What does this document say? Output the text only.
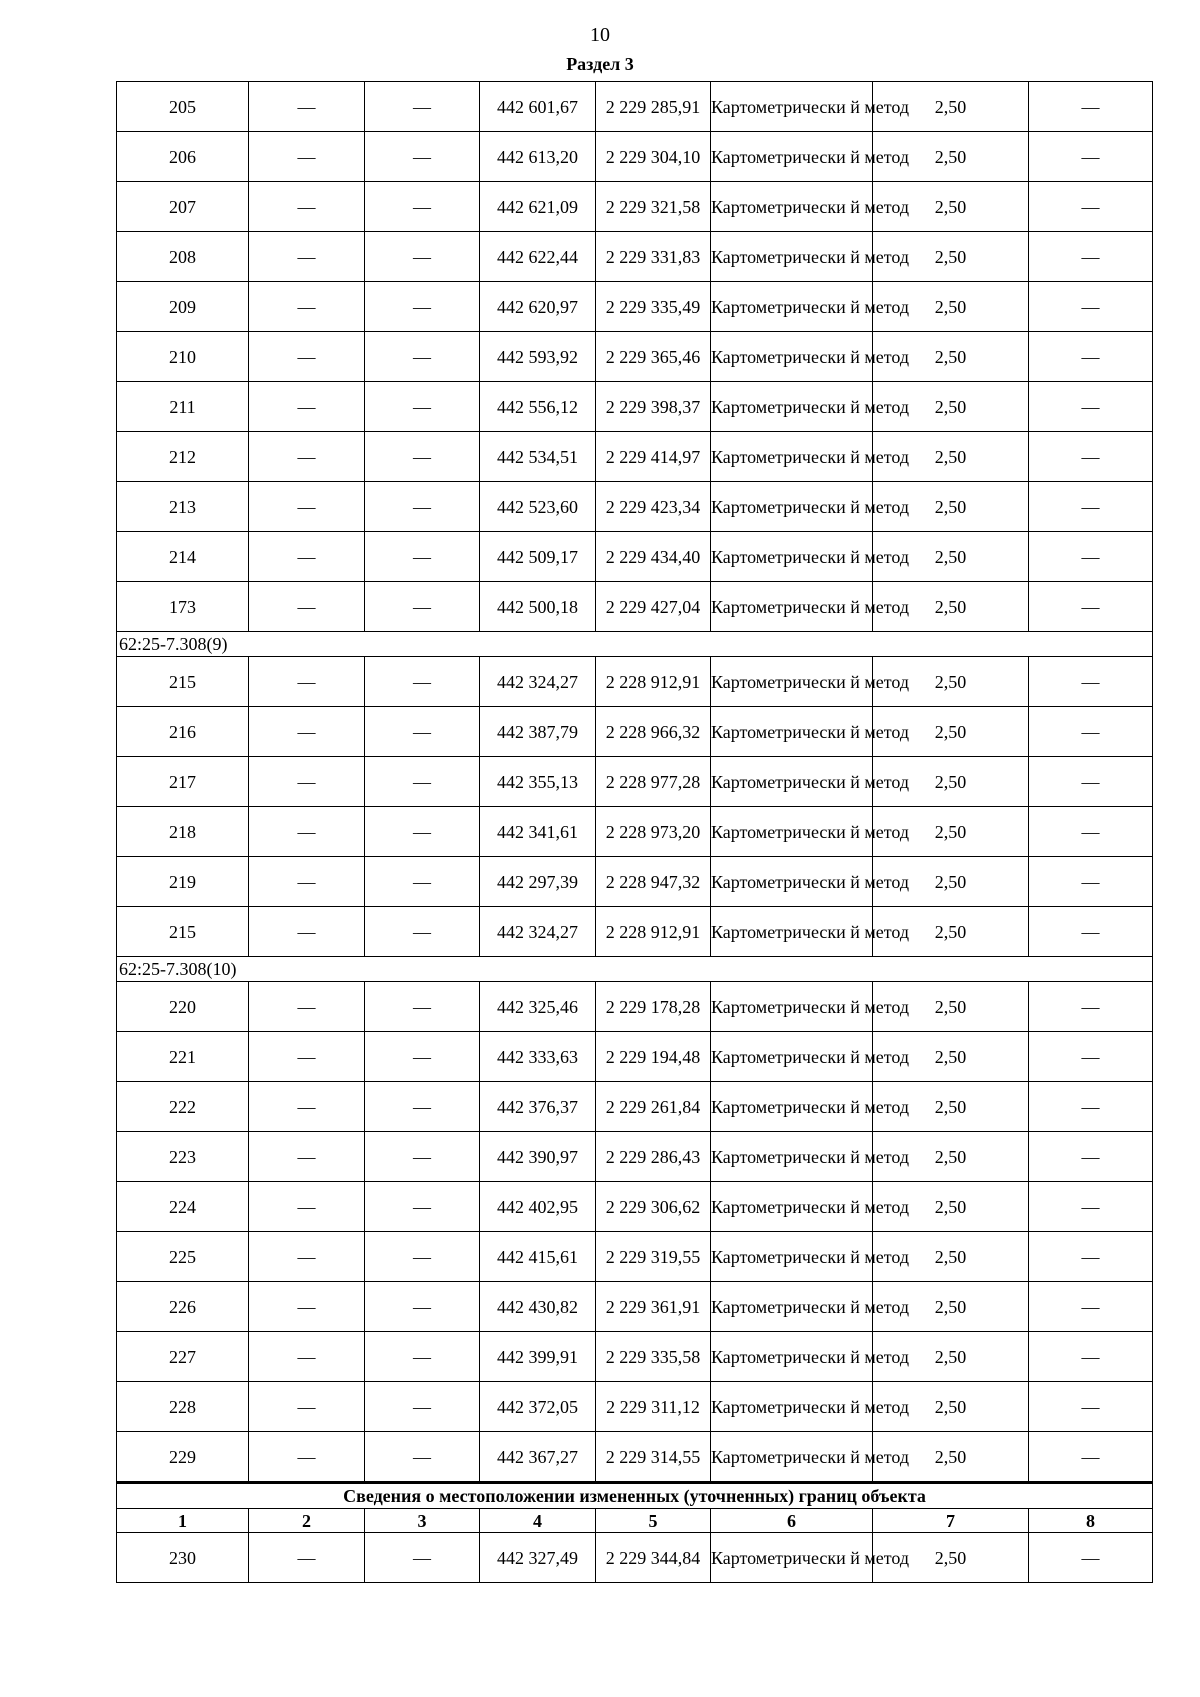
10
Раздел 3
205	—	—	442 601,67	2 229 285,91	Картометрически й метод	2,50	—
206	—	—	442 613,20	2 229 304,10	Картометрически й метод	2,50	—
207	—	—	442 621,09	2 229 321,58	Картометрически й метод	2,50	—
208	—	—	442 622,44	2 229 331,83	Картометрически й метод	2,50	—
209	—	—	442 620,97	2 229 335,49	Картометрически й метод	2,50	—
210	—	—	442 593,92	2 229 365,46	Картометрически й метод	2,50	—
211	—	—	442 556,12	2 229 398,37	Картометрически й метод	2,50	—
212	—	—	442 534,51	2 229 414,97	Картометрически й метод	2,50	—
213	—	—	442 523,60	2 229 423,34	Картометрически й метод	2,50	—
214	—	—	442 509,17	2 229 434,40	Картометрически й метод	2,50	—
173	—	—	442 500,18	2 229 427,04	Картометрически й метод	2,50	—
62:25-7.308(9)							
215	—	—	442 324,27	2 228 912,91	Картометрически й метод	2,50	—
216	—	—	442 387,79	2 228 966,32	Картометрически й метод	2,50	—
217	—	—	442 355,13	2 228 977,28	Картометрически й метод	2,50	—
218	—	—	442 341,61	2 228 973,20	Картометрически й метод	2,50	—
219	—	—	442 297,39	2 228 947,32	Картометрически й метод	2,50	—
215	—	—	442 324,27	2 228 912,91	Картометрически й метод	2,50	—
62:25-7.308(10)							
220	—	—	442 325,46	2 229 178,28	Картометрически й метод	2,50	—
221	—	—	442 333,63	2 229 194,48	Картометрически й метод	2,50	—
222	—	—	442 376,37	2 229 261,84	Картометрически й метод	2,50	—
223	—	—	442 390,97	2 229 286,43	Картометрически й метод	2,50	—
224	—	—	442 402,95	2 229 306,62	Картометрически й метод	2,50	—
225	—	—	442 415,61	2 229 319,55	Картометрически й метод	2,50	—
226	—	—	442 430,82	2 229 361,91	Картометрически й метод	2,50	—
227	—	—	442 399,91	2 229 335,58	Картометрически й метод	2,50	—
228	—	—	442 372,05	2 229 311,12	Картометрически й метод	2,50	—
229	—	—	442 367,27	2 229 314,55	Картометрически й метод	2,50	—
Сведения о местоположении измененных (уточненных) границ объекта							
1	2	3	4	5	6	7	8
230	—	—	442 327,49	2 229 344,84	Картометрически й метод	2,50	—
